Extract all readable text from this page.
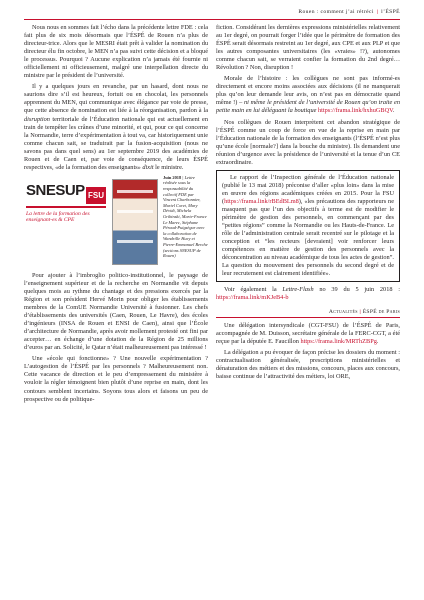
Rouen : comment j’ai rétréci | l’ÉSPÉ

Nous nous en sommes fait l’écho dans la précédente lettre FDE : cela fait plus de six mois désormais que l’ÉSPÉ de Rouen n’a plus de directeur-trice. Alors que le MESRI était prêt à valider la nomination du directeur élu fin octobre, le MEN n’a pas suivi cette décision et a bloqué le processus. Pourquoi ? Aucune explication n’a jamais été fournie ni officiellement ni officieusement, malgré une interpellation directe du ministre par le président de l’université.

Il y a quelques jours en revanche, par un hasard, dont nous ne saurions dire s’il est heureux, fortuit ou en chocolat, les personnels apprennent du MEN, qui communique avec élégance par voie de presse, que cette absence de nomination est liée à la réorganisation, pardon à la disruption territoriale de l’Éducation nationale qui est actuellement en train de tempêter les crânes d’une minorité, et qui, pour ce qui concerne la Normandie, terre d’expérimentation à tout va, car historiquement unie comme chacun sait, se traduirait par la fusion-acquisition (nous ne savons pas dans quel sens) au 1er septembre 2019 des académies de Rouen et de Caen et, par voie de conséquence, de leurs ÉSPÉ respectives, «de la formation des enseignants» dixit le ministre.

SNESUP FSU
La lettre de la formation des enseignant-es & CPE
Juin 2018 | Lettre réalisée sous la responsabilité du collectif FDE par Vincent Charbonnier, Muriel Coret, Mary Dévidt, Michela Gribinski, Marie-France Le Marec, Stéphane Péraud-Puigsègur avec la collaboration de Wandrille Huey et Pierre-Emmanuel Berche (sections SNESUP de Rouen)

Pour ajouter à l’imbroglio politico-institutionnel, le paysage de l’enseignement supérieur et de la recherche en Normandie vit depuis quelques mois au rythme du chantage et des pressions exercés par la Région et son président Hervé Morin pour obliger les établissements membres de la ComUE Normandie Université à fusionner. Les chefs d’établissements des universités (Caen, Rouen, Le Havre), des écoles d’ingénieurs (INSA de Rouen et ENSI de Caen), ainsi que l’École d’architecture de Normandie, après avoir mollement protesté ont fini par accepter… en échange d’une dotation de la Région de 25 millions d’euros par an. Solicité, le Qatar n’était malheureusement pas intéressé !

Une «école qui fonctionne» ? Une nouvelle expérimentation ? L’autogestion de l’ÉSPÉ par les personnels ? Malheureusement non. Cette vacance de direction et le peu d’empressement du ministère à vouloir la régler témoignent bien plutôt d’une reprise en main, dont les contours semblent incertains. Soyons tous alors et faisons un peu de prospective ou de politique-

fiction. Considérant les dernières expressions ministérielles relativement au 1er degré, on pourrait forger l’idée que le périmètre de formation des ÉSPÉ serait désormais restreint au 1er degré, aux CPE et aux PLP et que les autres composantes universitaires (les «vraies» !?), autonomes comme chacun sait, se verraient confier la formation du 2nd degré… Révolution ? Non, disruption !

Morale de l’histoire : les collègues ne sont pas informé-es directement et encore moins associées aux décisions (il ne manquerait plus qu’on leur demande leur avis, on n’est pas en démocratie quand même !) – ni même le président de l’université de Rouen qu’on traite en petite main en lui déléguant la boutique https://frama.link/hxhuGBQV.

Nos collègues de Rouen interprètent cet abandon stratégique de l’ÉSPÉ comme un coup de force en vue de la reprise en main par l’Éducation nationale de la formation des enseignants (l’ÉSPÉ n’est plus qu’une école [normale?] dans la bouche du ministre). Ils demandent une réunion d’urgence avec la présidence de l’université et la tenue d’un CE extraordinaire.

Le rapport de l’Inspection générale de l’Éducation nationale (publié le 13 mai 2018) préconise d’aller «plus loin» dans la mise en œuvre des régions académiques créées en 2015. Pour la FSU (https://frama.link/rBEdBLm8), «les précautions des rapporteurs ne masquent pas que l’un des objectifs à terme est de modifier le périmètre de gestion des personnels, en commençant par des “petites régions” comme la Normandie ou les Hauts-de-France. Le rôle de l’administration centrale serait recentré sur le pilotage et la conception et “les recteurs [devraient] voir renforcer leurs compétences en matière de gestion des personnels avec la déconcentration au niveau académique de tous les actes de gestion”. La question du mouvement des personnels du second degré et de leur recrutement est clairement identifiée».

Voir également la Lettre-Flash no 39 du 5 juin 2018 : https://frama.link/mKJeB4-b

Actualités | ÉSPÉ de Paris

Une délégation intersyndicale (CGT-FSU) de l’ÉSPÉ de Paris, accompagnée de M. Duisson, secrétaire générale de la FERC-CGT, a été reçue par la députée E. Faucillon https://frama.link/MRThZBPg.

La délégation a pu évoquer de façon précise les dossiers du moment : contractualisation généralisée, prescriptions ministérielles et dénaturation des métiers et des missions, concours, places aux concours, baisse continue de l’attractivité des métiers, loi ORE,
